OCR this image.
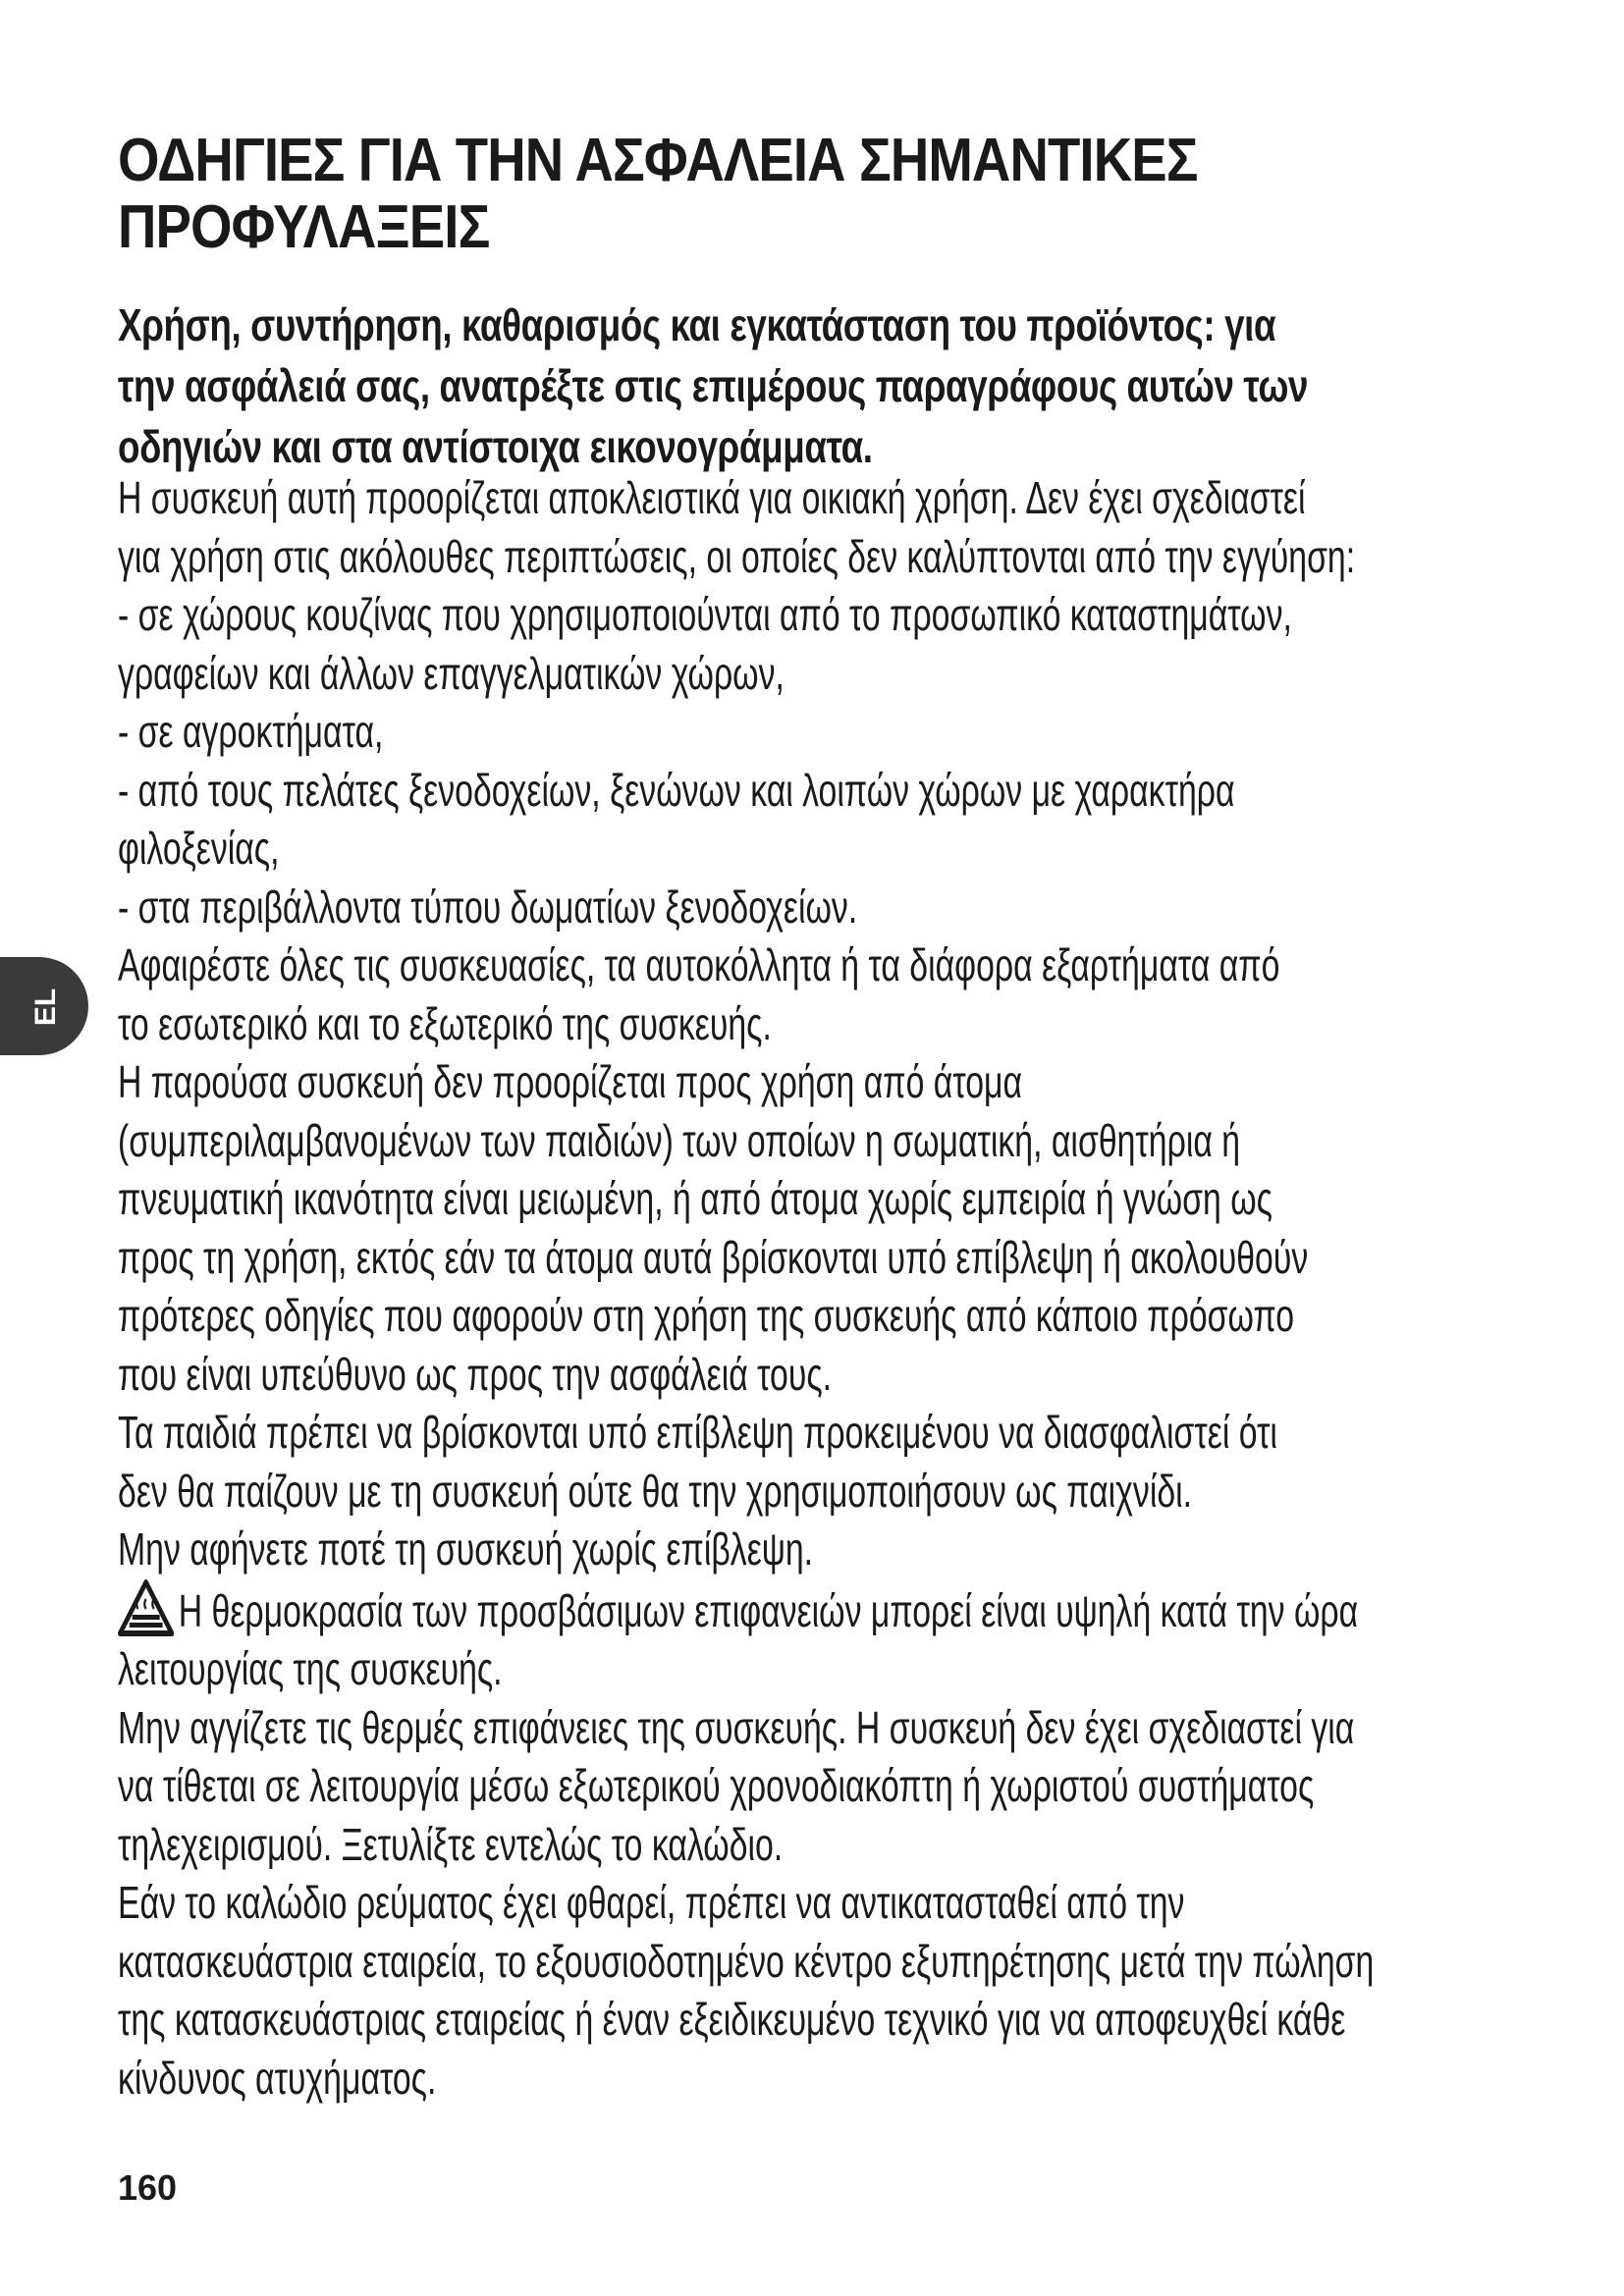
ΟΔΗΓΙΕΣ ΓΙΑ ΤΗΝ ΑΣΦΑΛΕΙΑ ΣΗΜΑΝΤΙΚΕΣ
ΠΡΟΦΥΛΑΞΕΙΣ

Χρήση, συντήρηση, καθαρισμός και εγκατάσταση του προϊόντος: για
την ασφάλειά σας, ανατρέξτε στις επιμέρους παραγράφους αυτών των
οδηγιών και στα αντίστοιχα εικονογράμματα.

Η συσκευή αυτή προορίζεται αποκλειστικά για οικιακή χρήση. Δεν έχει σχεδιαστεί
για χρήση στις ακόλουθες περιπτώσεις, οι οποίες δεν καλύπτονται από την εγγύηση:
- σε χώρους κουζίνας που χρησιμοποιούνται από το προσωπικό καταστημάτων,
γραφείων και άλλων επαγγελματικών χώρων,
- σε αγροκτήματα,
- από τους πελάτες ξενοδοχείων, ξενώνων και λοιπών χώρων με χαρακτήρα
φιλοξενίας,
- στα περιβάλλοντα τύπου δωματίων ξενοδοχείων.
Αφαιρέστε όλες τις συσκευασίες, τα αυτοκόλλητα ή τα διάφορα εξαρτήματα από
το εσωτερικό και το εξωτερικό της συσκευής.
Η παρούσα συσκευή δεν προορίζεται προς χρήση από άτομα
(συμπεριλαμβανομένων των παιδιών) των οποίων η σωματική, αισθητήρια ή
πνευματική ικανότητα είναι μειωμένη, ή από άτομα χωρίς εμπειρία ή γνώση ως
προς τη χρήση, εκτός εάν τα άτομα αυτά βρίσκονται υπό επίβλεψη ή ακολουθούν
πρότερες οδηγίες που αφορούν στη χρήση της συσκευής από κάποιο πρόσωπο
που είναι υπεύθυνο ως προς την ασφάλειά τους.
Τα παιδιά πρέπει να βρίσκονται υπό επίβλεψη προκειμένου να διασφαλιστεί ότι
δεν θα παίζουν με τη συσκευή ούτε θα την χρησιμοποιήσουν ως παιχνίδι.
Μην αφήνετε ποτέ τη συσκευή χωρίς επίβλεψη.
Η θερμοκρασία των προσβάσιμων επιφανειών μπορεί είναι υψηλή κατά την ώρα
λειτουργίας της συσκευής.
Μην αγγίζετε τις θερμές επιφάνειες της συσκευής. Η συσκευή δεν έχει σχεδιαστεί για
να τίθεται σε λειτουργία μέσω εξωτερικού χρονοδιακόπτη ή χωριστού συστήματος
τηλεχειρισμού. Ξετυλίξτε εντελώς το καλώδιο.
Εάν το καλώδιο ρεύματος έχει φθαρεί, πρέπει να αντικατασταθεί από την
κατασκευάστρια εταιρεία, το εξουσιοδοτημένο κέντρο εξυπηρέτησης μετά την πώληση
της κατασκευάστριας εταιρείας ή έναν εξειδικευμένο τεχνικό για να αποφευχθεί κάθε
κίνδυνος ατυχήματος.
EL
160
